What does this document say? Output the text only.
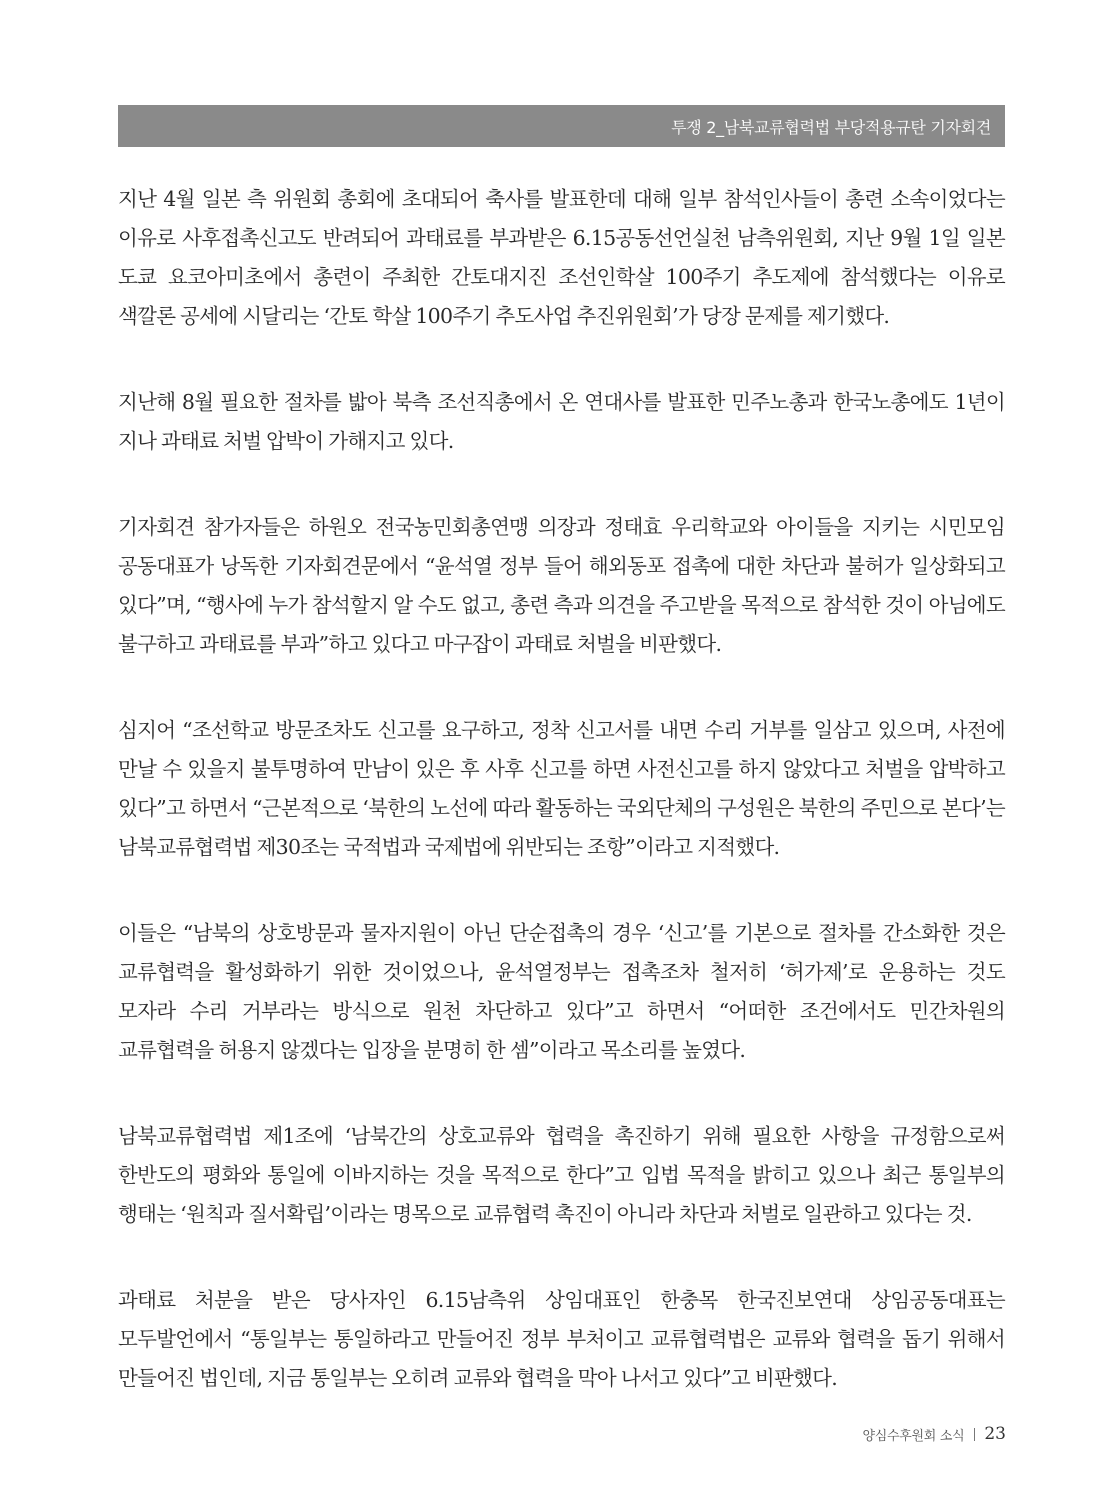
투쟁 2_남북교류협력법 부당적용규탄 기자회견

지난 4월 일본 측 위원회 총회에 초대되어 축사를 발표한데 대해 일부 참석인사들이 총련 소속이었다는 이유로 사후접촉신고도 반려되어 과태료를 부과받은 6.15공동선언실천 남측위원회, 지난 9월 1일 일본 도쿄 요코아미초에서 총련이 주최한 간토대지진 조선인학살 100주기 추도제에 참석했다는 이유로 색깔론 공세에 시달리는 ‘간토 학살 100주기 추도사업 추진위원회’가 당장 문제를 제기했다.

지난해 8월 필요한 절차를 밟아 북측 조선직총에서 온 연대사를 발표한 민주노총과 한국노총에도 1년이 지나 과태료 처벌 압박이 가해지고 있다.

기자회견 참가자들은 하원오 전국농민회총연맹 의장과 정태효 우리학교와 아이들을 지키는 시민모임 공동대표가 낭독한 기자회견문에서 “윤석열 정부 들어 해외동포 접촉에 대한 차단과 불허가 일상화되고 있다”며, “행사에 누가 참석할지 알 수도 없고, 총련 측과 의견을 주고받을 목적으로 참석한 것이 아님에도 불구하고 과태료를 부과”하고 있다고 마구잡이 과태료 처벌을 비판했다.

심지어 “조선학교 방문조차도 신고를 요구하고, 정착 신고서를 내면 수리 거부를 일삼고 있으며, 사전에 만날 수 있을지 불투명하여 만남이 있은 후 사후 신고를 하면 사전신고를 하지 않았다고 처벌을 압박하고 있다”고 하면서 “근본적으로 ‘북한의 노선에 따라 활동하는 국외단체의 구성원은 북한의 주민으로 본다’는 남북교류협력법 제30조는 국적법과 국제법에 위반되는 조항”이라고 지적했다.

이들은 “남북의 상호방문과 물자지원이 아닌 단순접촉의 경우 ‘신고’를 기본으로 절차를 간소화한 것은 교류협력을 활성화하기 위한 것이었으나, 윤석열정부는 접촉조차 철저히 ‘허가제’로 운용하는 것도 모자라 수리 거부라는 방식으로 원천 차단하고 있다”고 하면서 “어떠한 조건에서도 민간차원의 교류협력을 허용지 않겠다는 입장을 분명히 한 셈”이라고 목소리를 높였다.

남북교류협력법 제1조에 ‘남북간의 상호교류와 협력을 촉진하기 위해 필요한 사항을 규정함으로써 한반도의 평화와 통일에 이바지하는 것을 목적으로 한다”고 입법 목적을 밝히고 있으나 최근 통일부의 행태는 ‘원칙과 질서확립’이라는 명목으로 교류협력 촉진이 아니라 차단과 처벌로 일관하고 있다는 것.

과태료 처분을 받은 당사자인 6.15남측위 상임대표인 한충목 한국진보연대 상임공동대표는 모두발언에서 “통일부는 통일하라고 만들어진 정부 부처이고 교류협력법은 교류와 협력을 돕기 위해서 만들어진 법인데, 지금 통일부는 오히려 교류와 협력을 막아 나서고 있다”고 비판했다.

양심수후원회 소식 23
